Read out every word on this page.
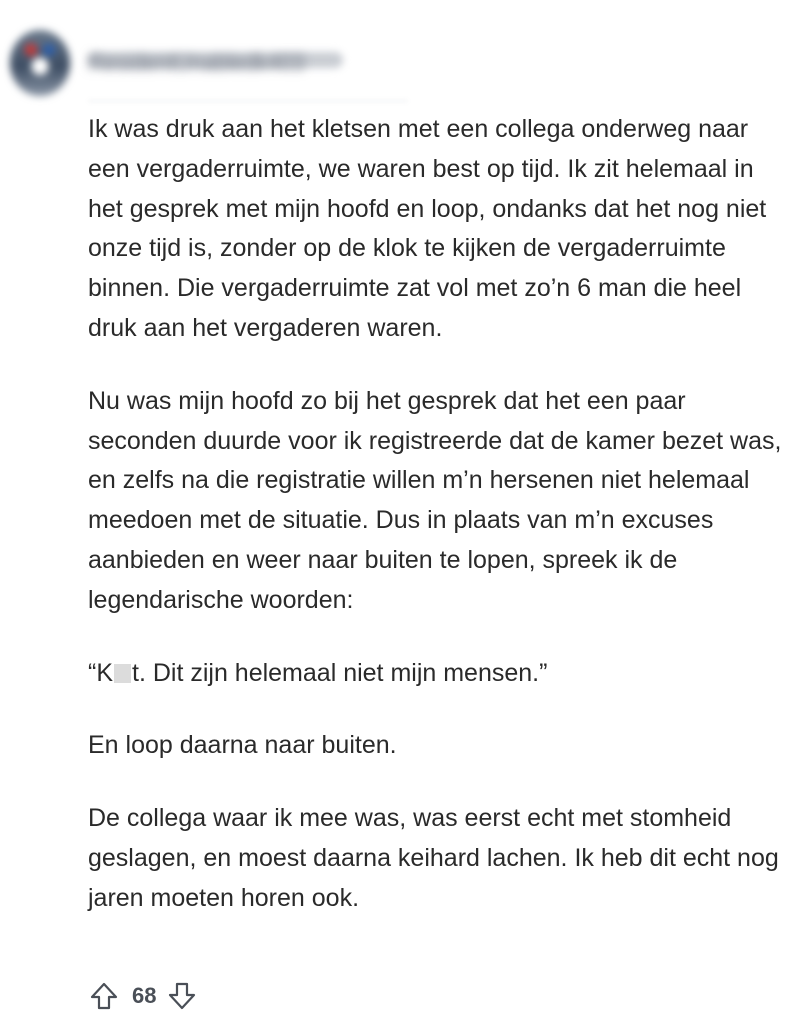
ResidentUnabledk403

Ik was druk aan het kletsen met een collega onderweg naar een vergaderruimte, we waren best op tijd. Ik zit helemaal in het gesprek met mijn hoofd en loop, ondanks dat het nog niet onze tijd is, zonder op de klok te kijken de vergaderruimte binnen. Die vergaderruimte zat vol met zo’n 6 man die heel druk aan het vergaderen waren.

Nu was mijn hoofd zo bij het gesprek dat het een paar seconden duurde voor ik registreerde dat de kamer bezet was, en zelfs na die registratie willen m’n hersenen niet helemaal meedoen met de situatie. Dus in plaats van m’n excuses aanbieden en weer naar buiten te lopen, spreek ik de legendarische woorden:

“K t. Dit zijn helemaal niet mijn mensen.”

En loop daarna naar buiten.

De collega waar ik mee was, was eerst echt met stomheid geslagen, en moest daarna keihard lachen. Ik heb dit echt nog jaren moeten horen ook.

68
